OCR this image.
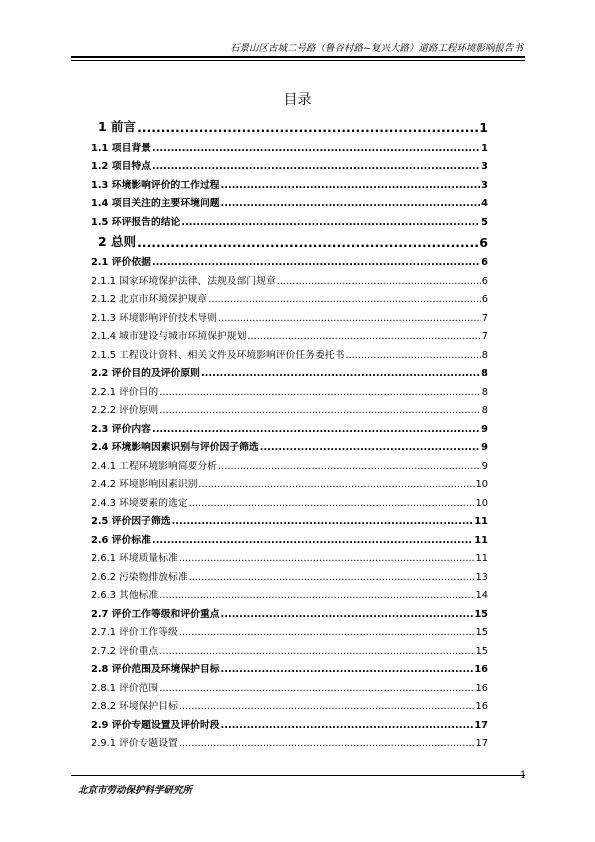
石景山区古城二号路（鲁谷村路~复兴大路）道路工程环境影响报告书
目录
1 前言 .....	1
1.1 项目背景 .....	1
1.2 项目特点 .....	3
1.3 环境影响评价的工作过程 .....	3
1.4 项目关注的主要环境问题 .....	4
1.5 环评报告的结论 .....	5
2 总则 .....	6
2.1 评价依据 .....	6
2.1.1 国家环境保护法律、法规及部门规章 .....	6
2.1.2 北京市环境保护规章 .....	6
2.1.3 环境影响评价技术导则 .....	7
2.1.4 城市建设与城市环境保护规划 .....	7
2.1.5 工程设计资料、相关文件及环境影响评价任务委托书 .....	8
2.2 评价目的及评价原则 .....	8
2.2.1 评价目的 .....	8
2.2.2 评价原则 .....	8
2.3 评价内容 .....	9
2.4 环境影响因素识别与评价因子筛选 .....	9
2.4.1 工程环境影响简要分析 .....	9
2.4.2 环境影响因素识别 .....	10
2.4.3 环境要素的选定 .....	10
2.5 评价因子筛选 .....	11
2.6 评价标准 .....	11
2.6.1 环境质量标准 .....	11
2.6.2 污染物排放标准 .....	13
2.6.3 其他标准 .....	14
2.7 评价工作等级和评价重点 .....	15
2.7.1 评价工作等级 .....	15
2.7.2 评价重点 .....	15
2.8 评价范围及环境保护目标 .....	16
2.8.1 评价范围 .....	16
2.8.2 环境保护目标 .....	16
2.9 评价专题设置及评价时段 .....	17
2.9.1 评价专题设置 .....	17
1
北京市劳动保护科学研究所
